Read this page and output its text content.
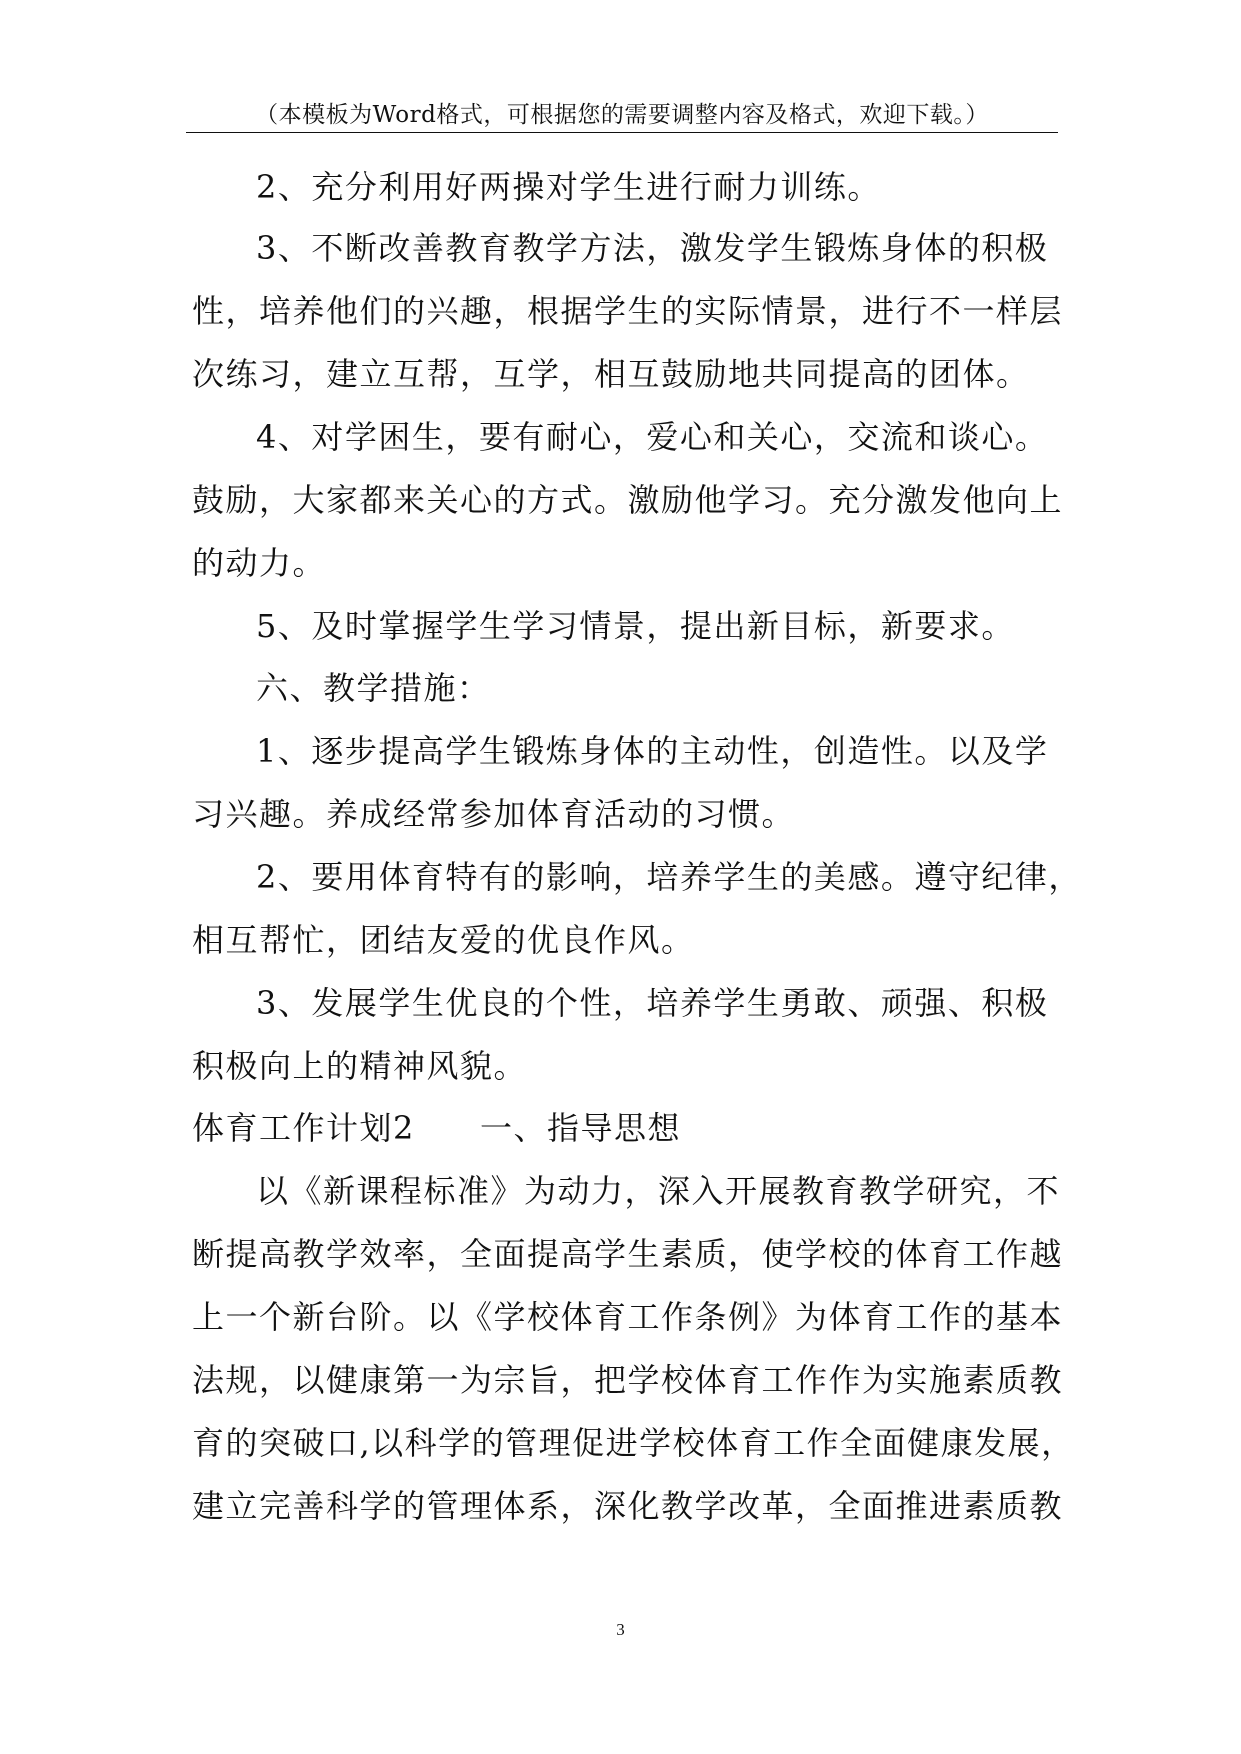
（本模板为Word格式，可根据您的需要调整内容及格式，欢迎下载。）
2、充分利用好两操对学生进行耐力训练。
3、不断改善教育教学方法，激发学生锻炼身体的积极
性，培养他们的兴趣，根据学生的实际情景，进行不一样层
次练习，建立互帮，互学，相互鼓励地共同提高的团体。
4、对学困生，要有耐心，爱心和关心，交流和谈心。
鼓励，大家都来关心的方式。激励他学习。充分激发他向上
的动力。
5、及时掌握学生学习情景，提出新目标，新要求。
六、教学措施：
1、逐步提高学生锻炼身体的主动性，创造性。以及学
习兴趣。养成经常参加体育活动的习惯。
2、要用体育特有的影响，培养学生的美感。遵守纪律，
相互帮忙，团结友爱的优良作风。
3、发展学生优良的个性，培养学生勇敢、顽强、积极
积极向上的精神风貌。
体育工作计划2 一、指导思想
以《新课程标准》为动力，深入开展教育教学研究，不
断提高教学效率，全面提高学生素质，使学校的体育工作越
上一个新台阶。以《学校体育工作条例》为体育工作的基本
法规，以健康第一为宗旨，把学校体育工作作为实施素质教
育的突破口,以科学的管理促进学校体育工作全面健康发展，
建立完善科学的管理体系，深化教学改革，全面推进素质教
3
